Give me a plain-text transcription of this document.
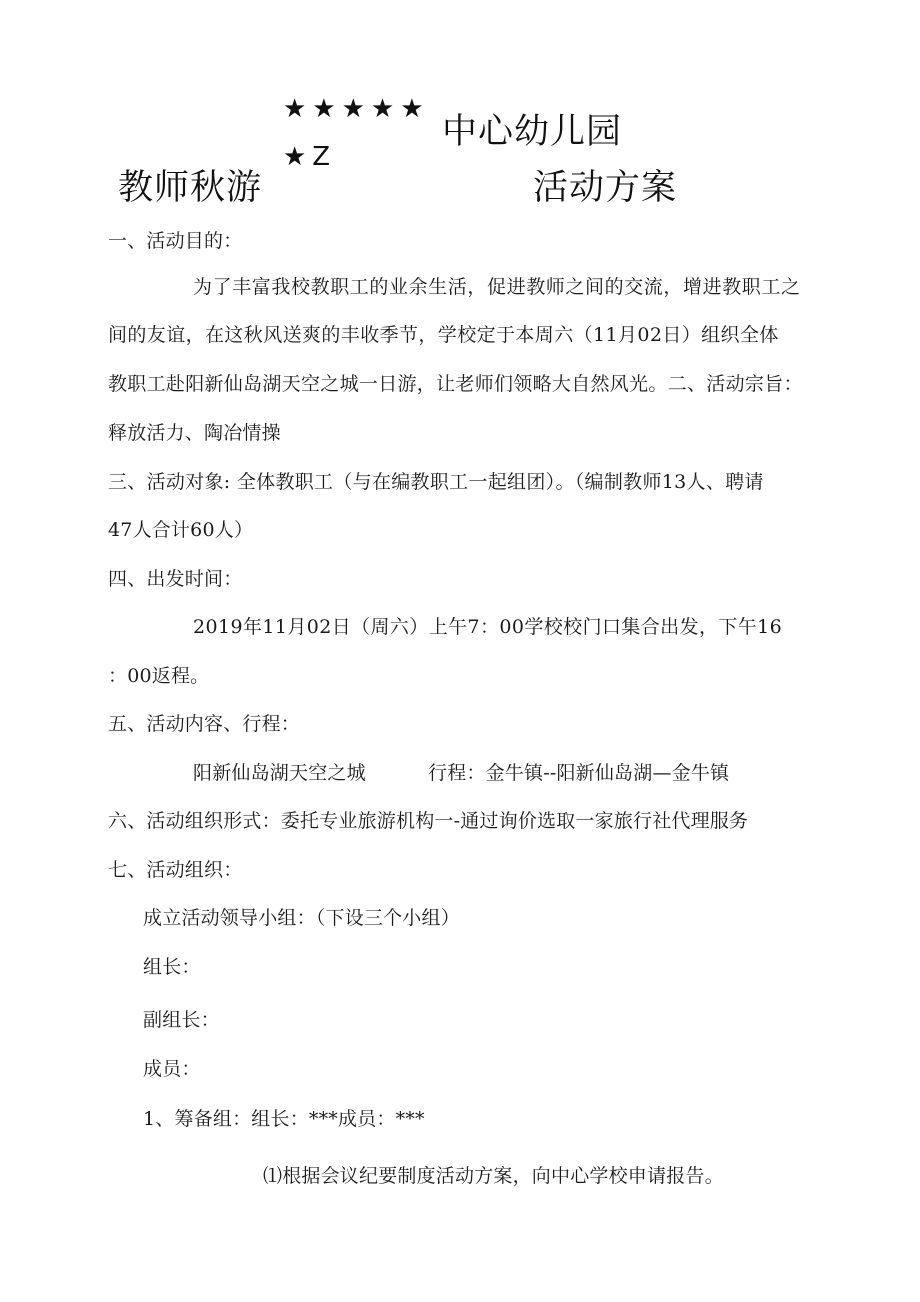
★★★★★
中心幼儿园
★Z
教师秋游	活动方案
一、活动目的：
为了丰富我校教职工的业余生活，促进教师之间的交流，增进教职工之
间的友谊，在这秋风送爽的丰收季节，学校定于本周六（11月02日）组织全体
教职工赴阳新仙岛湖天空之城一日游，让老师们领略大自然风光。二、活动宗旨：
释放活力、陶冶情操
三、活动对象: 全体教职工（与在编教职工一起组团）。（编制教师13人、聘请
47人合计60人）
四、出发时间：
2019年11月02日（周六）上午7：00学校校门口集合出发，下午16
：00返程。
五、活动内容、行程：
阳新仙岛湖天空之城	行程：金牛镇--阳新仙岛湖—金牛镇
六、活动组织形式：委托专业旅游机构一-通过询价选取一家旅行社代理服务
七、活动组织：
成立活动领导小组：（下设三个小组）
组长：
副组长：
成员：
1、筹备组：组长：***成员：***
⑴根据会议纪要制度活动方案，向中心学校申请报告。
